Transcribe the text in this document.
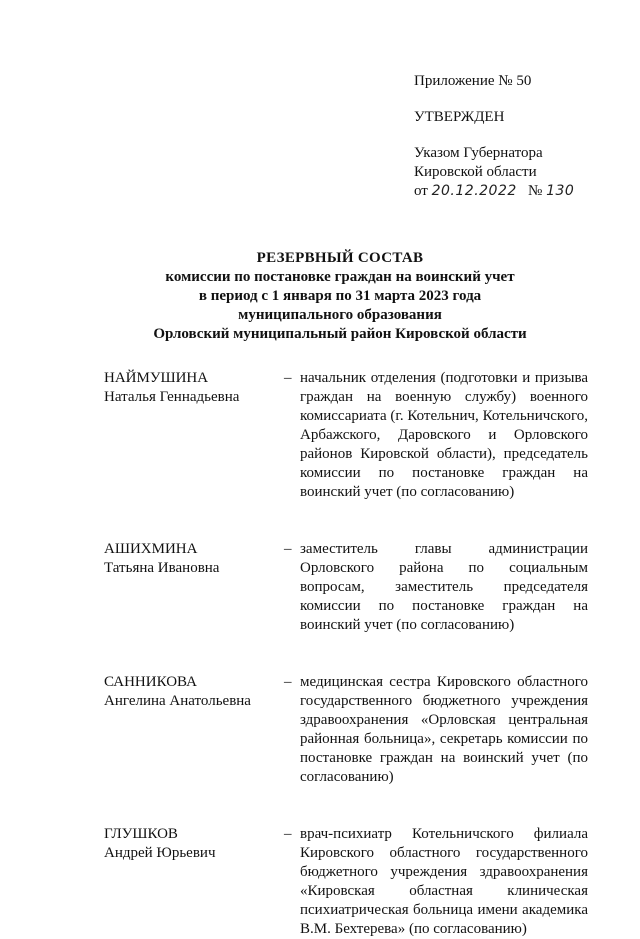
Приложение № 50
УТВЕРЖДЕН
Указом Губернатора
Кировской области
от 20.12.2022 № 130
РЕЗЕРВНЫЙ СОСТАВ
комиссии по постановке граждан на воинский учет
в период с 1 января по 31 марта 2023 года
муниципального образования
Орловский муниципальный район Кировской области
НАЙМУШИНА
Наталья Геннадьевна
– начальник отделения (подготовки и призыва граждан на военную службу) военного комиссариата (г. Котельнич, Котельничского, Арбажского, Даровского и Орловского районов Кировской области), председатель комиссии по постановке граждан на воинский учет (по согласованию)
АШИХМИНА
Татьяна Ивановна
– заместитель главы администрации Орловского района по социальным вопросам, заместитель председателя комиссии по постановке граждан на воинский учет (по согласованию)
САННИКОВА
Ангелина Анатольевна
– медицинская сестра Кировского областного государственного бюджетного учреждения здравоохранения «Орловская центральная районная больница», секретарь комиссии по постановке граждан на воинский учет (по согласованию)
ГЛУШКОВ
Андрей Юрьевич
– врач-психиатр Котельничского филиала Кировского областного государственного бюджетного учреждения здравоохранения «Кировская областная клиническая психиатрическая больница имени академика В.М. Бехтерева» (по согласованию)
